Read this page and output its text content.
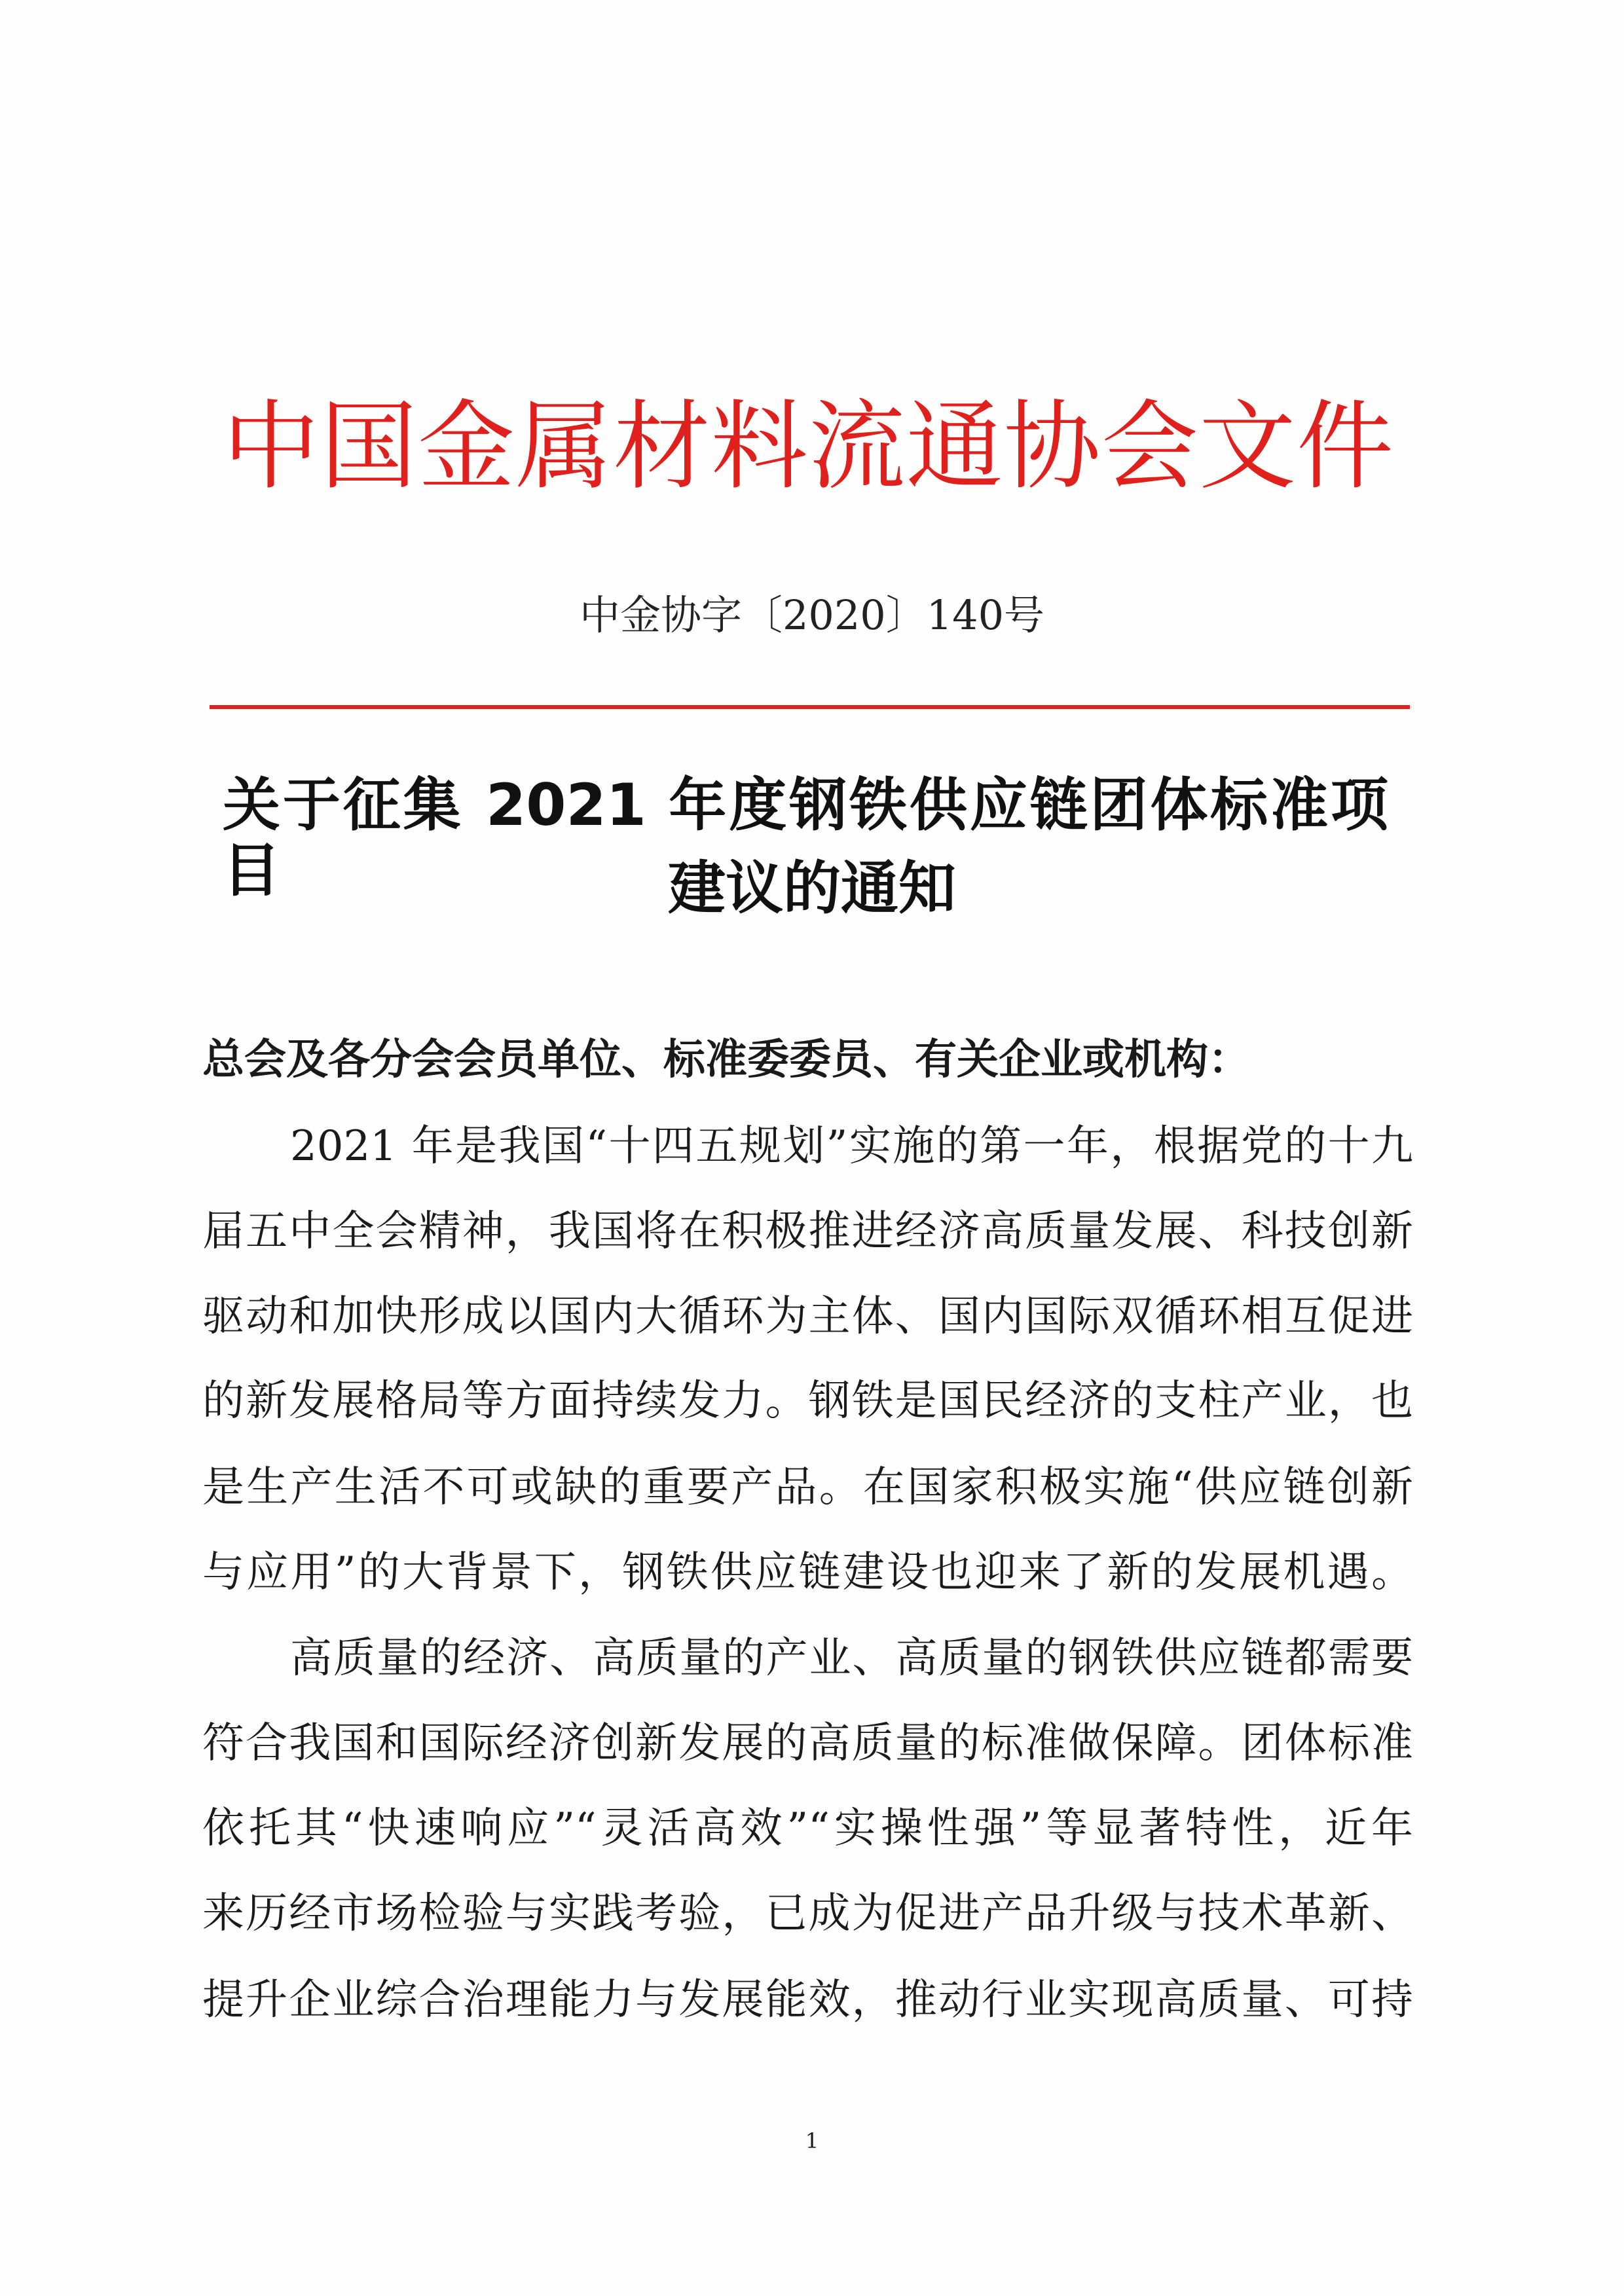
中国金属材料流通协会文件
中金协字〔2020〕140号
关于征集 2021 年度钢铁供应链团体标准项目	建议的通知
总会及各分会会员单位、标准委委员、有关企业或机构：
2021 年是我国“十四五规划”实施的第一年，根据党的十九
届五中全会精神，我国将在积极推进经济高质量发展、科技创新
驱动和加快形成以国内大循环为主体、国内国际双循环相互促进
的新发展格局等方面持续发力。钢铁是国民经济的支柱产业，也
是生产生活不可或缺的重要产品。在国家积极实施“供应链创新
与应用”的大背景下，钢铁供应链建设也迎来了新的发展机遇。
高质量的经济、高质量的产业、高质量的钢铁供应链都需要
符合我国和国际经济创新发展的高质量的标准做保障。团体标准
依托其“快速响应”“灵活高效”“实操性强”等显著特性，近年
来历经市场检验与实践考验，已成为促进产品升级与技术革新、
提升企业综合治理能力与发展能效，推动行业实现高质量、可持
1
